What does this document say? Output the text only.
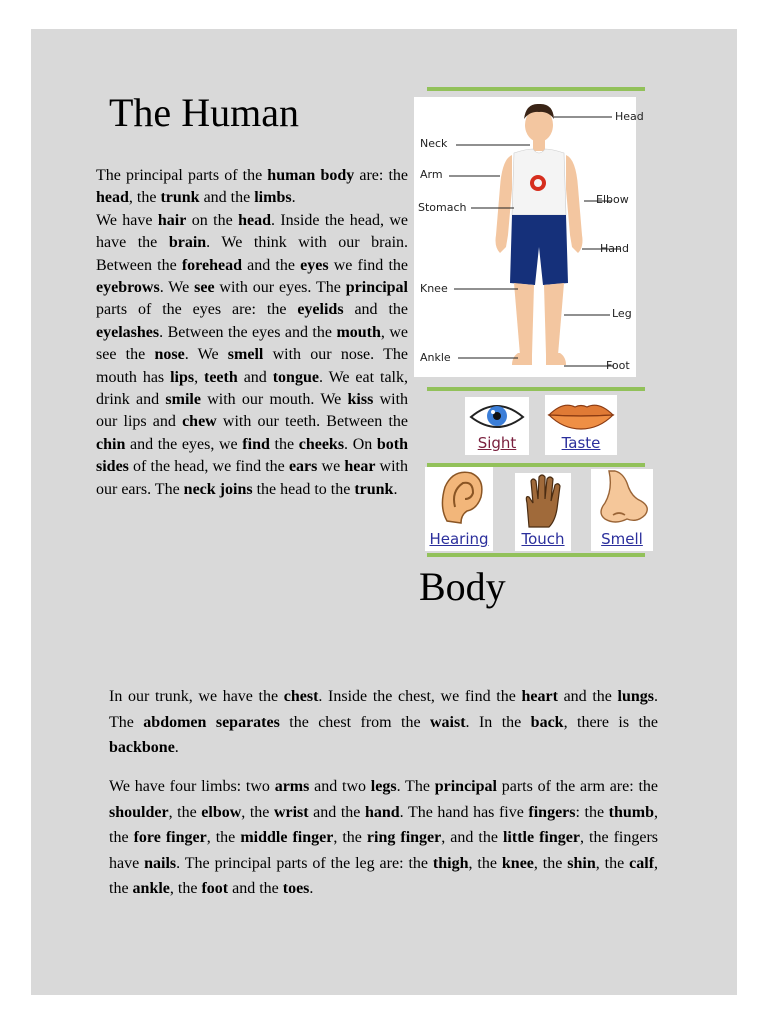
The Human

The principal parts of the human body are: the head, the trunk and the limbs.

We have hair on the head. Inside the head, we have the brain. We think with our brain. Between the forehead and the eyes we find the eyebrows. We see with our eyes. The principal parts of the eyes are: the eyelids and the eyelashes. Between the eyes and the mouth, we see the nose. We smell with our nose. The mouth has lips, teeth and tongue. We eat talk, drink and smile with our mouth. We kiss with our lips and chew with our teeth. Between the chin and the eyes, we find the cheeks. On both sides of the head, we find the ears we hear with our ears. The neck joins the head to the trunk.

Head
Neck
Arm
Elbow
Stomach
Hand
Knee
Leg
Ankle
Foot
Sight	Taste
Hearing	Touch	Smell
Body

In our trunk, we have the chest. Inside the chest, we find the heart and the lungs. The abdomen separates the chest from the waist. In the back, there is the backbone.

We have four limbs: two arms and two legs. The principal parts of the arm are: the shoulder, the elbow, the wrist and the hand. The hand has five fingers: the thumb, the fore finger, the middle finger, the ring finger, and the little finger, the fingers have nails. The principal parts of the leg are: the thigh, the knee, the shin, the calf, the ankle, the foot and the toes.
